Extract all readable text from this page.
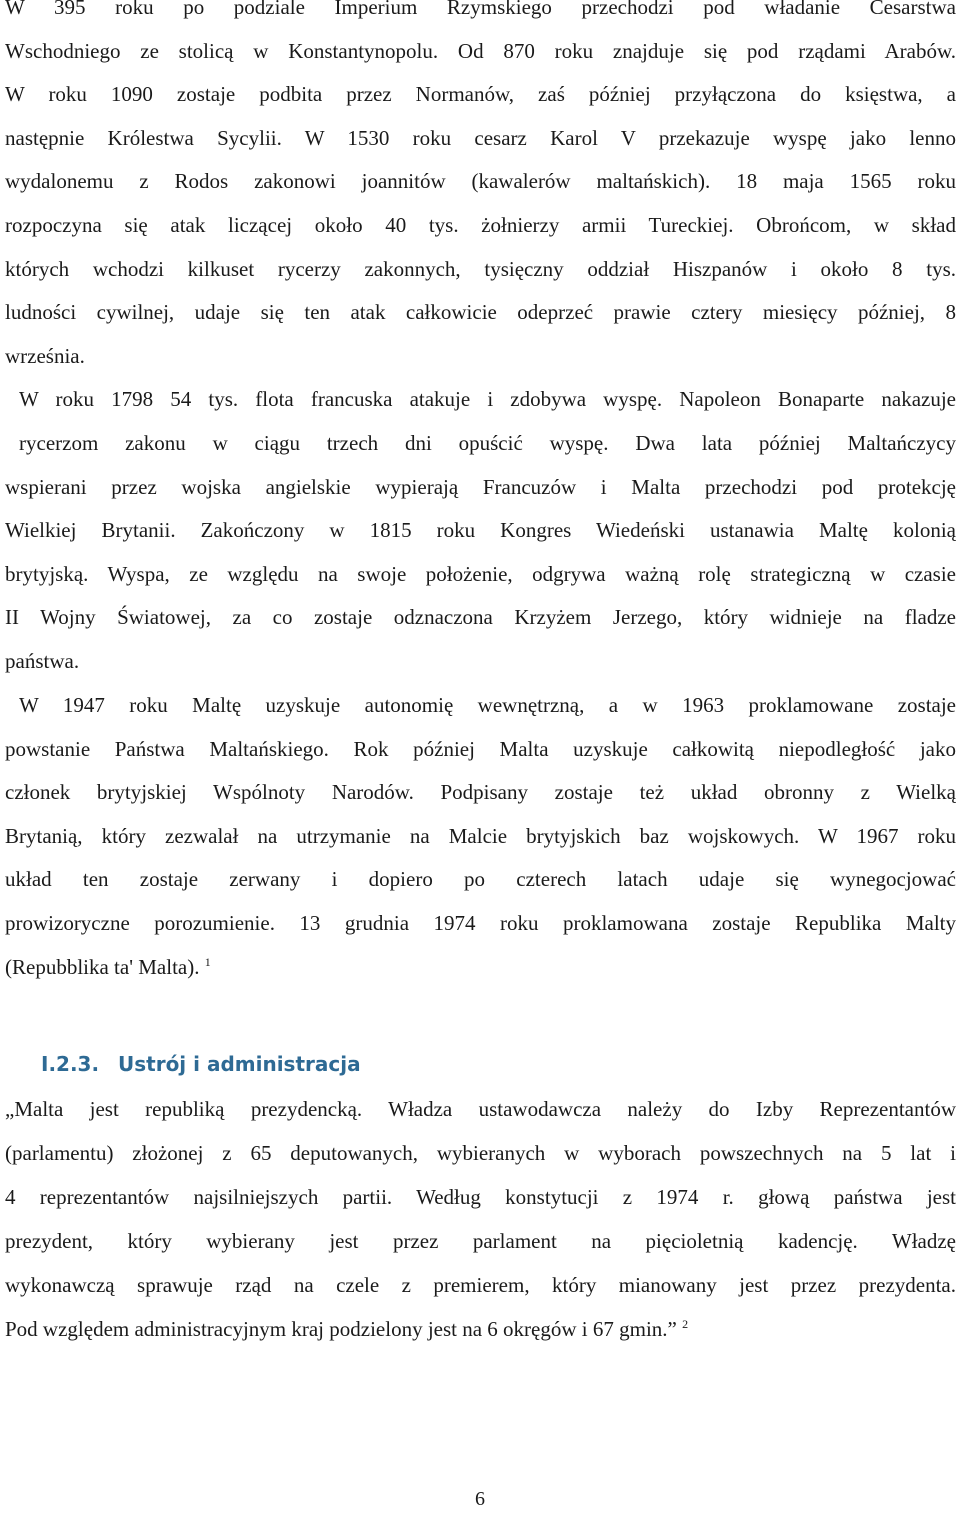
W 395 roku po podziale Imperium Rzymskiego przechodzi pod władanie Cesarstwa
Wschodniego ze stolicą w Konstantynopolu. Od 870 roku znajduje się pod rządami Arabów.
W roku 1090 zostaje podbita przez Normanów, zaś później przyłączona do księstwa, a
następnie Królestwa Sycylii. W 1530 roku cesarz Karol V przekazuje wyspę jako lenno
wydalonemu z Rodos zakonowi joannitów (kawalerów maltańskich). 18 maja 1565 roku
rozpoczyna się atak liczącej około 40 tys. żołnierzy armii Tureckiej. Obrońcom, w skład
których wchodzi kilkuset rycerzy zakonnych, tysięczny oddział Hiszpanów i około 8 tys.
ludności cywilnej, udaje się ten atak całkowicie odeprzeć prawie cztery miesięcy później, 8
września.
W roku 1798 54 tys. flota francuska atakuje i zdobywa wyspę. Napoleon Bonaparte nakazuje
rycerzom zakonu w ciągu trzech dni opuścić wyspę. Dwa lata później Maltańczycy
wspierani przez wojska angielskie wypierają Francuzów i Malta przechodzi pod protekcję
Wielkiej Brytanii. Zakończony w 1815 roku Kongres Wiedeński ustanawia Maltę kolonią
brytyjską. Wyspa, ze względu na swoje położenie, odgrywa ważną rolę strategiczną w czasie
II Wojny Światowej, za co zostaje odznaczona Krzyżem Jerzego, który widnieje na fladze
państwa.
W 1947 roku Maltę uzyskuje autonomię wewnętrzną, a w 1963 proklamowane zostaje
powstanie Państwa Maltańskiego. Rok później Malta uzyskuje całkowitą niepodległość jako
członek brytyjskiej Wspólnoty Narodów. Podpisany zostaje też układ obronny z Wielką
Brytanią, który zezwalał na utrzymanie na Malcie brytyjskich baz wojskowych. W 1967 roku
układ ten zostaje zerwany i dopiero po czterech latach udaje się wynegocjować
prowizoryczne porozumienie. 13 grudnia 1974 roku proklamowana zostaje Republika Malty
(Repubblika ta' Malta). $^1$
I.2.3. Ustrój i administracja
„Malta jest republiką prezydencką. Władza ustawodawcza należy do Izby Reprezentantów
(parlamentu) złożonej z 65 deputowanych, wybieranych w wyborach powszechnych na 5 lat i
4 reprezentantów najsilniejszych partii. Według konstytucji z 1974 r. głową państwa jest
prezydent, który wybierany jest przez parlament na pięcioletnią kadencję. Władzę
wykonawczą sprawuje rząd na czele z premierem, który mianowany jest przez prezydenta.
Pod względem administracyjnym kraj podzielony jest na 6 okręgów i 67 gmin.” $^2$
6
